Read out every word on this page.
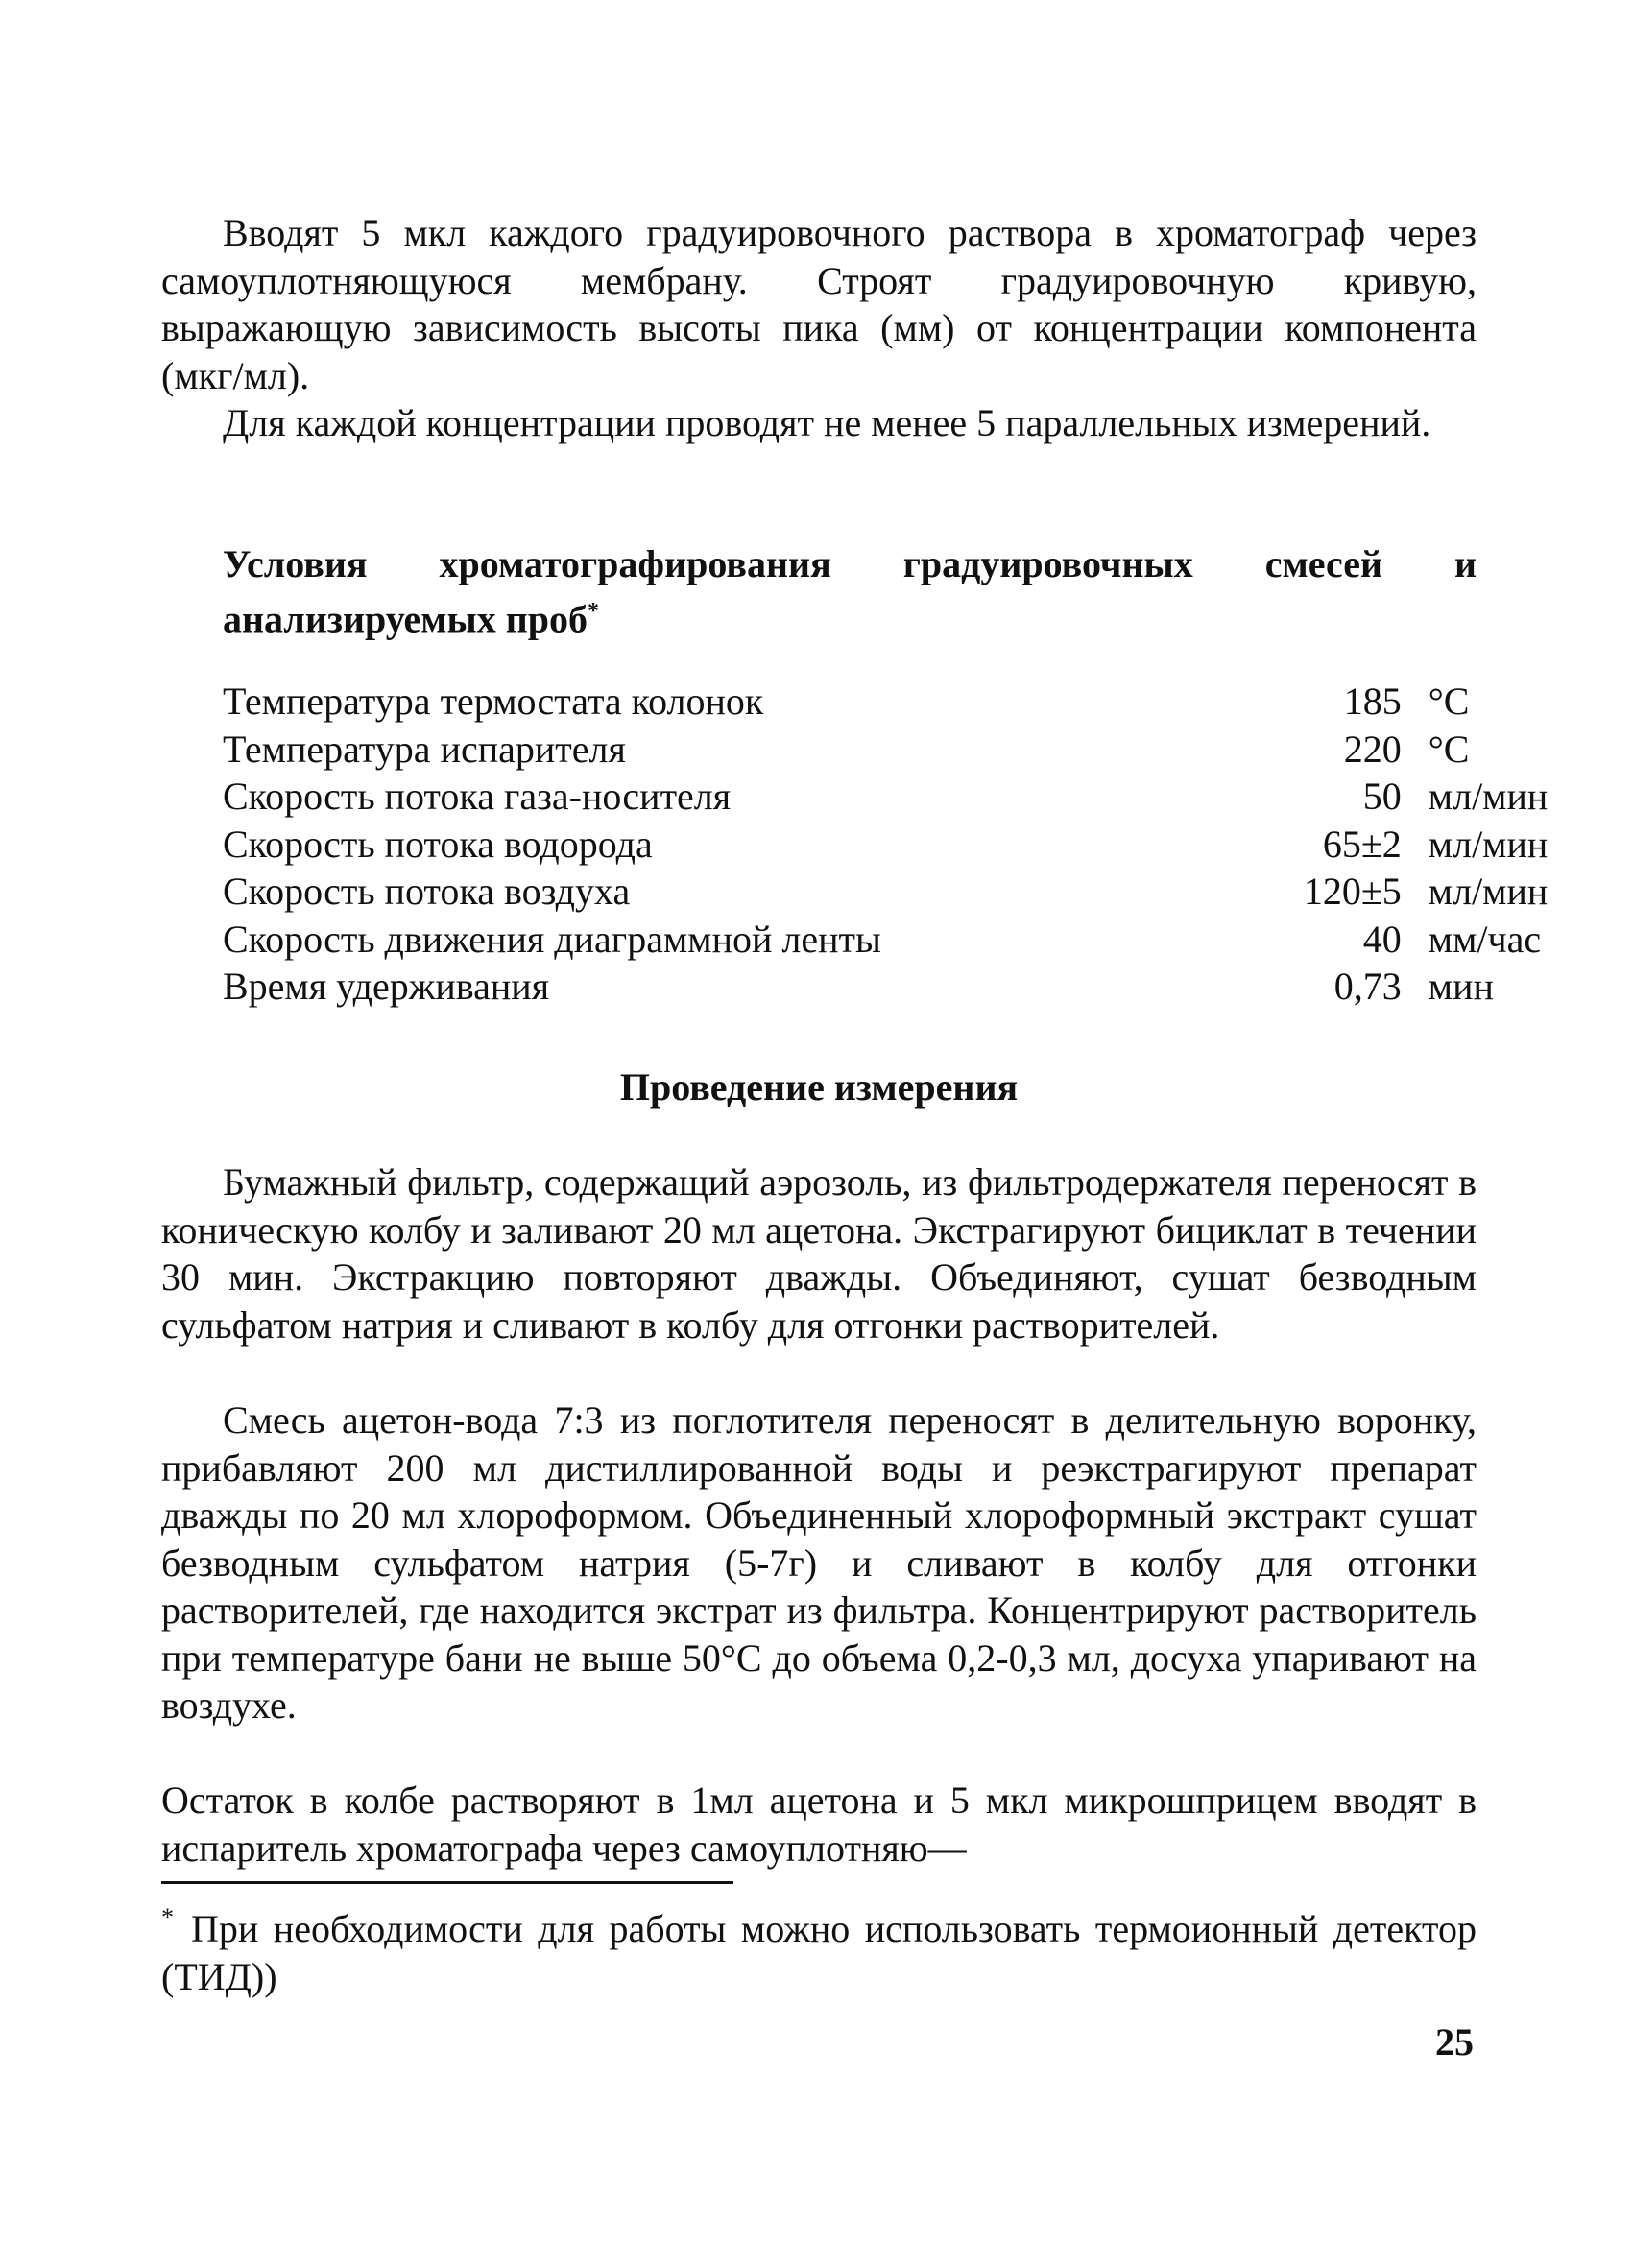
Вводят 5 мкл каждого градуировочного раствора в хроматограф через самоуплотняющуюся мембрану. Строят градуировочную кривую, выражающую зависимость высоты пика (мм) от концентрации компонента (мкг/мл).

Для каждой концентрации проводят не менее 5 параллельных измерений.

Условия хроматографирования градуировочных смесей и анализируемых проб*

Температура термостата колонок	185	°C
Температура испарителя	220	°C
Скорость потока газа-носителя	50	мл/мин
Скорость потока водорода	65±2	мл/мин
Скорость потока воздуха	120±5	мл/мин
Скорость движения диаграммной ленты	40	мм/час
Время удерживания	0,73	мин

Проведение измерения

Бумажный фильтр, содержащий аэрозоль, из фильтродержателя переносят в коническую колбу и заливают 20 мл ацетона. Экстрагируют бициклат в течении 30 мин. Экстракцию повторяют дважды. Объединяют, сушат безводным сульфатом натрия и сливают в колбу для отгонки растворителей.

Смесь ацетон-вода 7:3 из поглотителя переносят в делительную воронку, прибавляют 200 мл дистиллированной воды и реэкстрагируют препарат дважды по 20 мл хлороформом. Объединенный хлороформный экстракт сушат безводным сульфатом натрия (5-7г) и сливают в колбу для отгонки растворителей, где находится экстрат из фильтра. Концентрируют растворитель при температуре бани не выше 50°С до объема 0,2-0,3 мл, досуха упаривают на воздухе.

Остаток в колбе растворяют в 1мл ацетона и 5 мкл микрошприцем вводят в испаритель хроматографа через самоуплотняю—

* При необходимости для работы можно использовать термоионный детектор (ТИД))

25
